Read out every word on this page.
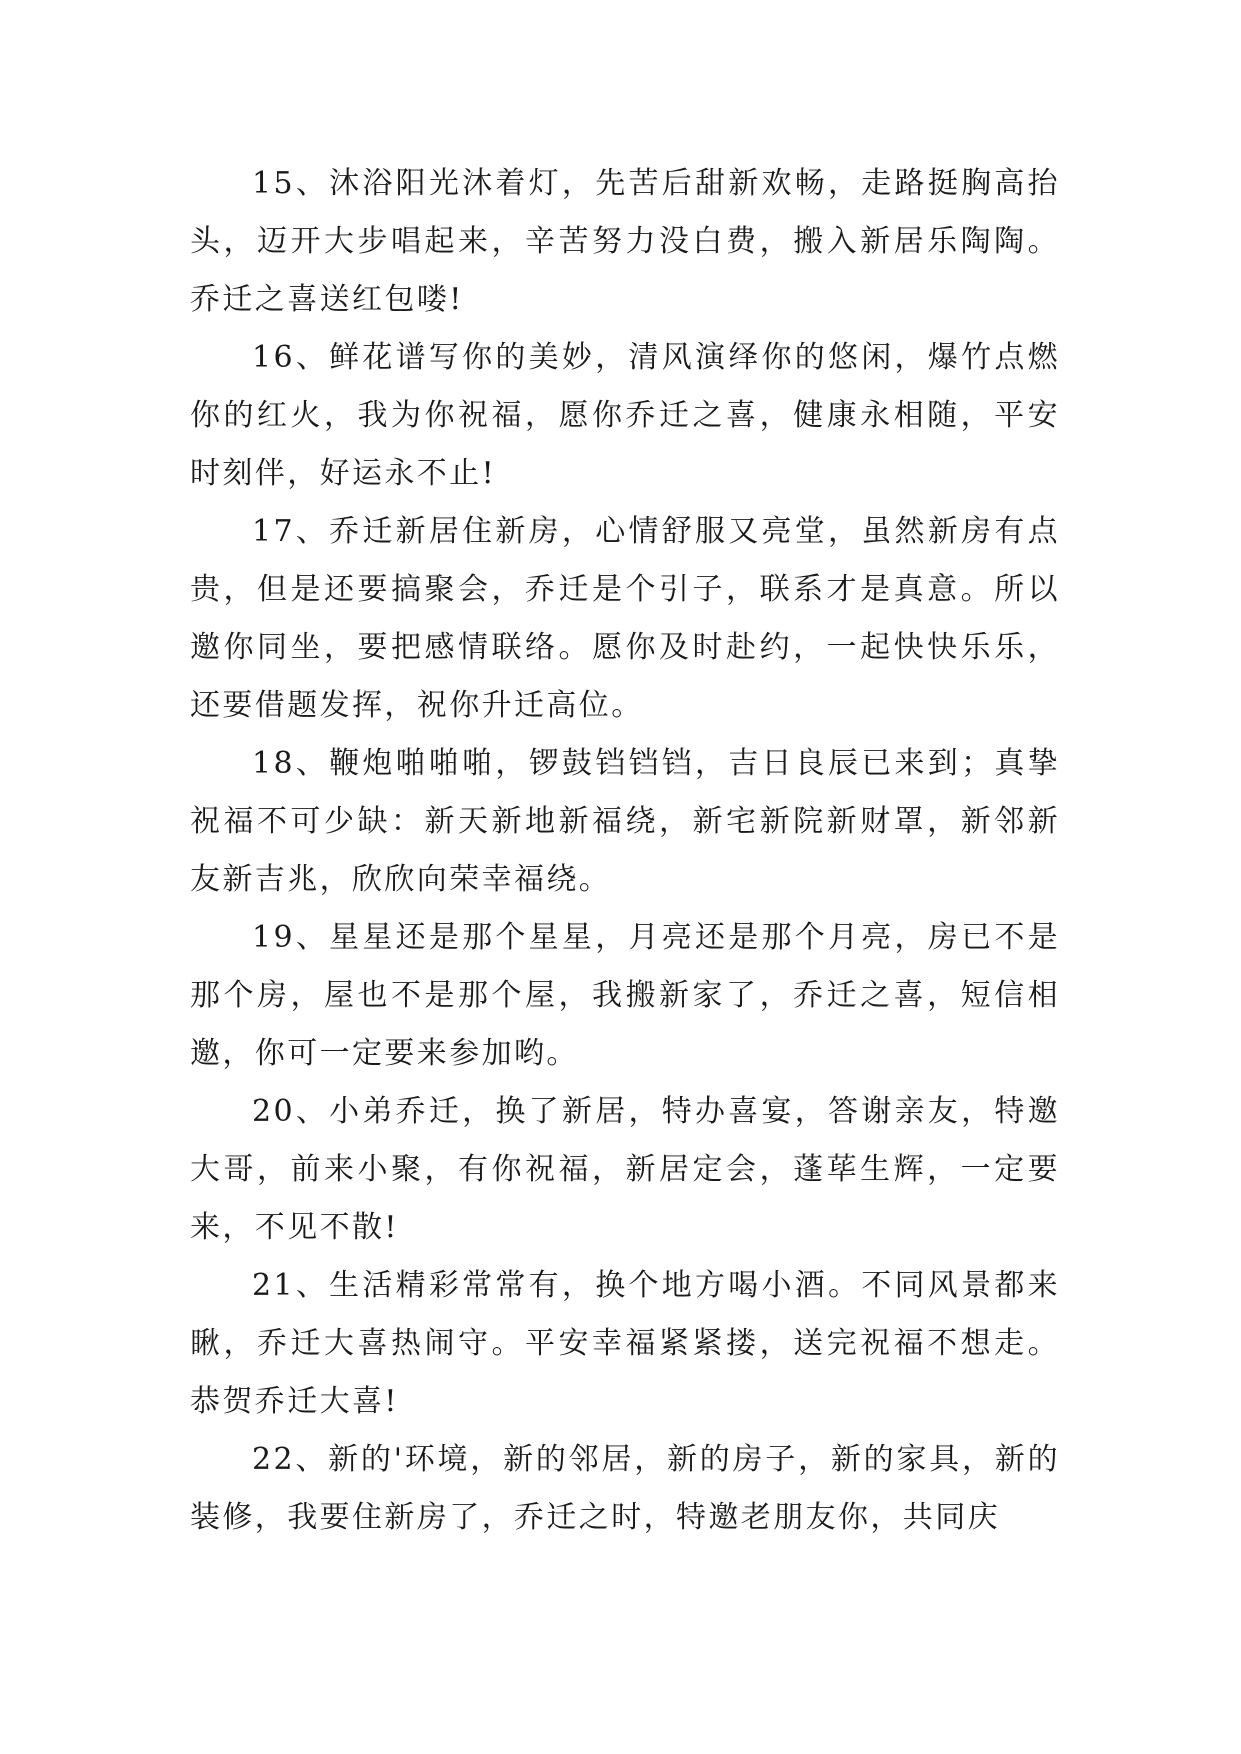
15、沐浴阳光沐着灯，先苦后甜新欢畅，走路挺胸高抬头，迈开大步唱起来，辛苦努力没白费，搬入新居乐陶陶。乔迁之喜送红包喽!

16、鲜花谱写你的美妙，清风演绎你的悠闲，爆竹点燃你的红火，我为你祝福，愿你乔迁之喜，健康永相随，平安时刻伴，好运永不止!

17、乔迁新居住新房，心情舒服又亮堂，虽然新房有点贵，但是还要搞聚会，乔迁是个引子，联系才是真意。所以邀你同坐，要把感情联络。愿你及时赴约，一起快快乐乐，还要借题发挥，祝你升迁高位。

18、鞭炮啪啪啪，锣鼓铛铛铛，吉日良辰已来到；真挚祝福不可少缺：新天新地新福绕，新宅新院新财罩，新邻新友新吉兆，欣欣向荣幸福绕。

19、星星还是那个星星，月亮还是那个月亮，房已不是那个房，屋也不是那个屋，我搬新家了，乔迁之喜，短信相邀，你可一定要来参加哟。

20、小弟乔迁，换了新居，特办喜宴，答谢亲友，特邀大哥，前来小聚，有你祝福，新居定会，蓬荜生辉，一定要来，不见不散!

21、生活精彩常常有，换个地方喝小酒。不同风景都来瞅，乔迁大喜热闹守。平安幸福紧紧搂，送完祝福不想走。恭贺乔迁大喜!

22、新的'环境，新的邻居，新的房子，新的家具，新的装修，我要住新房了，乔迁之时，特邀老朋友你，共同庆
